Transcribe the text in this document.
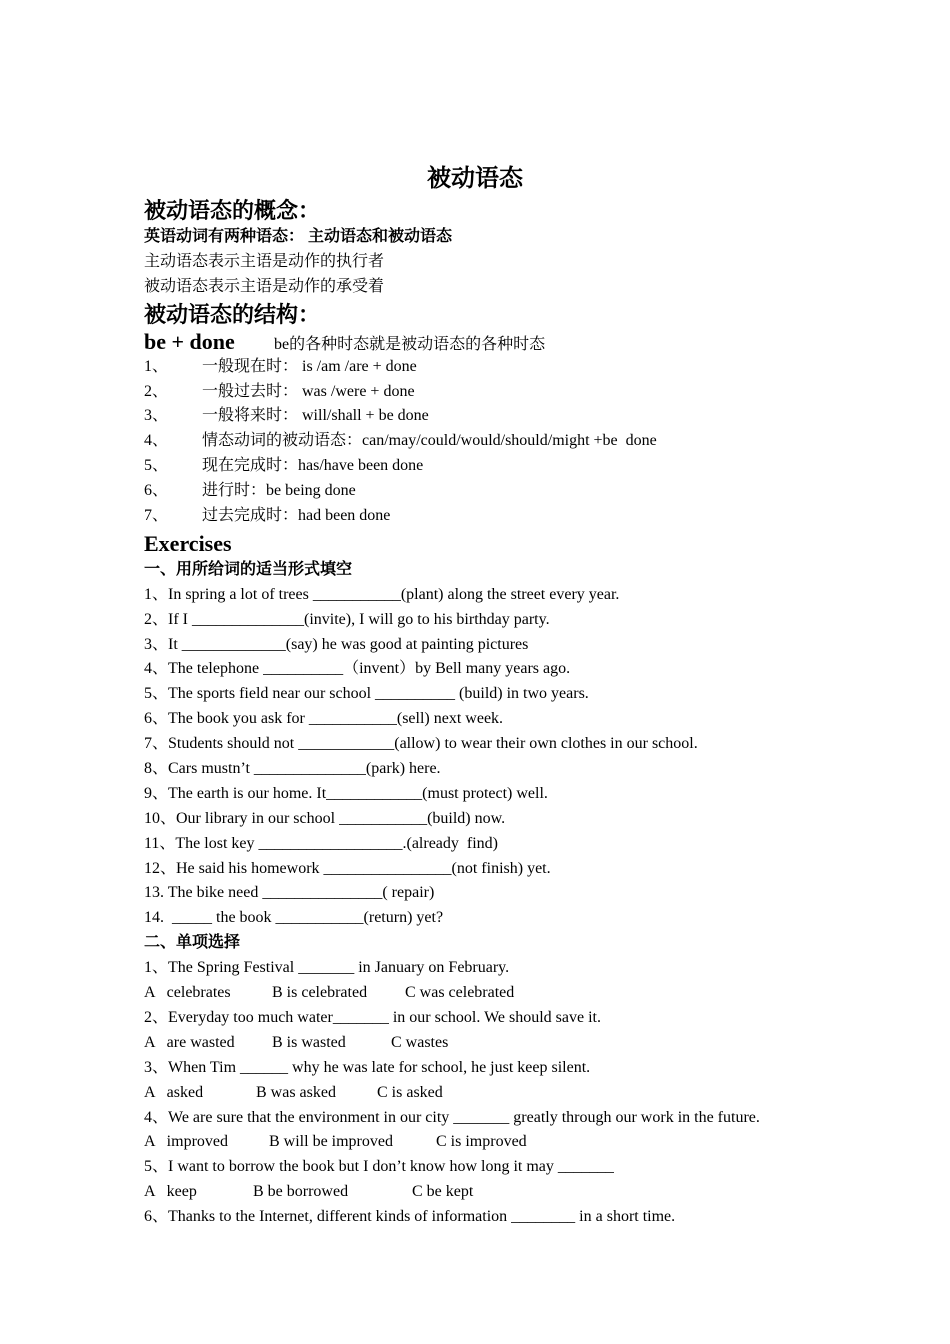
被动语态
被动语态的概念：
英语动词有两种语态： 主动语态和被动语态
主动语态表示主语是动作的执行者
被动语态表示主语是动作的承受着
被动语态的结构：
be + done be的各种时态就是被动语态的各种时态
1、 一般现在时： is /am /are + done
2、 一般过去时： was /were + done
3、 一般将来时： will/shall + be done
4、 情态动词的被动语态：can/may/could/would/should/might +be  done
5、 现在完成时：has/have been done
6、 进行时：be being done
7、 过去完成时：had been done
Exercises
一、用所给词的适当形式填空
1、In spring a lot of trees ___________(plant) along the street every year.
2、If I ______________(invite), I will go to his birthday party.
3、It _____________(say) he was good at painting pictures
4、The telephone __________（invent）by Bell many years ago.
5、The sports field near our school __________ (build) in two years.
6、The book you ask for ___________(sell) next week.
7、Students should not ____________(allow) to wear their own clothes in our school.
8、Cars mustn’t ______________(park) here.
9、The earth is our home. It____________(must protect) well.
10、Our library in our school ___________(build) now.
11、The lost key __________________.(already  find)
12、He said his homework ________________(not finish) yet.
13. The bike need _______________( repair)
14.  _____ the book ___________(return) yet?
二、单项选择
1、The Spring Festival _______ in January on February.
A   celebrates	B is celebrated C was celebrated
2、Everyday too much water_______ in our school. We should save it.
A   are wasted B is wasted	C wastes
3、When Tim ______ why he was late for school, he just keep silent.
A   asked	B was asked	C is asked
4、We are sure that the environment in our city _______ greatly through our work in the future.
A   improved	B will be improved	C is improved
5、I want to borrow the book but I don’t know how long it may _______
A   keep	B be borrowed	C be kept
6、Thanks to the Internet, different kinds of information ________ in a short time.
